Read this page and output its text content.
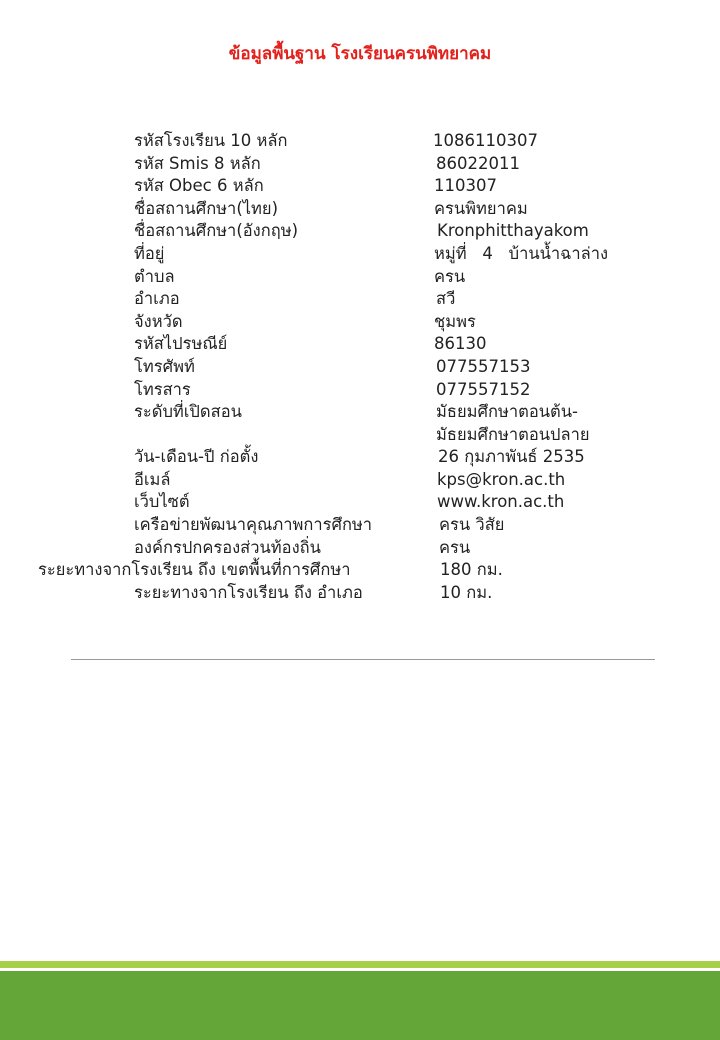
ข้อมูลพื้นฐาน โรงเรียนครนพิทยาคม
รหัสโรงเรียน 10 หลัก	1086110307
รหัส Smis 8 หลัก	86022011
รหัส Obec 6 หลัก	110307
ชื่อสถานศึกษา(ไทย)	ครนพิทยาคม
ชื่อสถานศึกษา(อังกฤษ)	Kronphitthayakom
ที่อยู่	หมู่ที่   4   บ้านน้ำฉาล่าง
ตำบล	ครน
อำเภอ	สวี
จังหวัด	ชุมพร
รหัสไปรษณีย์	86130
โทรศัพท์	077557153
โทรสาร	077557152
ระดับที่เปิดสอน	มัธยมศึกษาตอนต้น-
มัธยมศึกษาตอนปลาย
วัน-เดือน-ปี ก่อตั้ง	26 กุมภาพันธ์ 2535
อีเมล์	kps@kron.ac.th
เว็บไซต์	www.kron.ac.th
เครือข่ายพัฒนาคุณภาพการศึกษา	ครน วิสัย
องค์กรปกครองส่วนท้องถิ่น	ครน
ระยะทางจากโรงเรียน ถึง เขตพื้นที่การศึกษา	180 กม.
ระยะทางจากโรงเรียน ถึง อำเภอ	10 กม.
